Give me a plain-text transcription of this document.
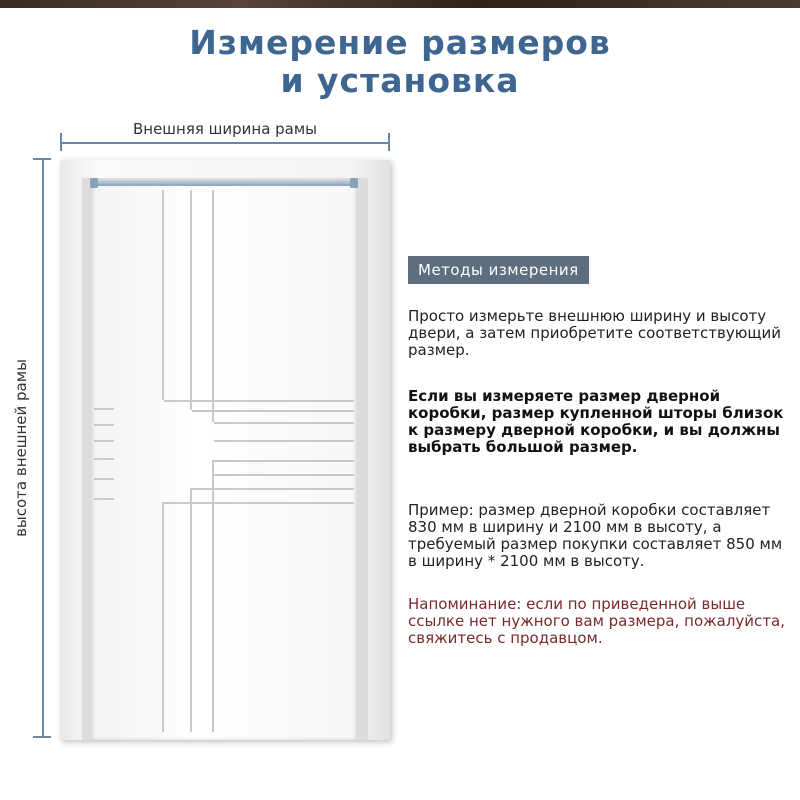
Измерение размеров
и установка
Внешняя ширина рамы
высота внешней рамы
Методы измерения
Просто измерьте внешнюю ширину и высоту двери, а затем приобретите соответствующий размер.
Если вы измеряете размер дверной коробки, размер купленной шторы близок к размеру дверной коробки, и вы должны выбрать большой размер.
Пример: размер дверной коробки составляет 830 мм в ширину и 2100 мм в высоту, а требуемый размер покупки составляет 850 мм в ширину * 2100 мм в высоту.
Напоминание: если по приведенной выше ссылке нет нужного вам размера, пожалуйста, свяжитесь с продавцом.
